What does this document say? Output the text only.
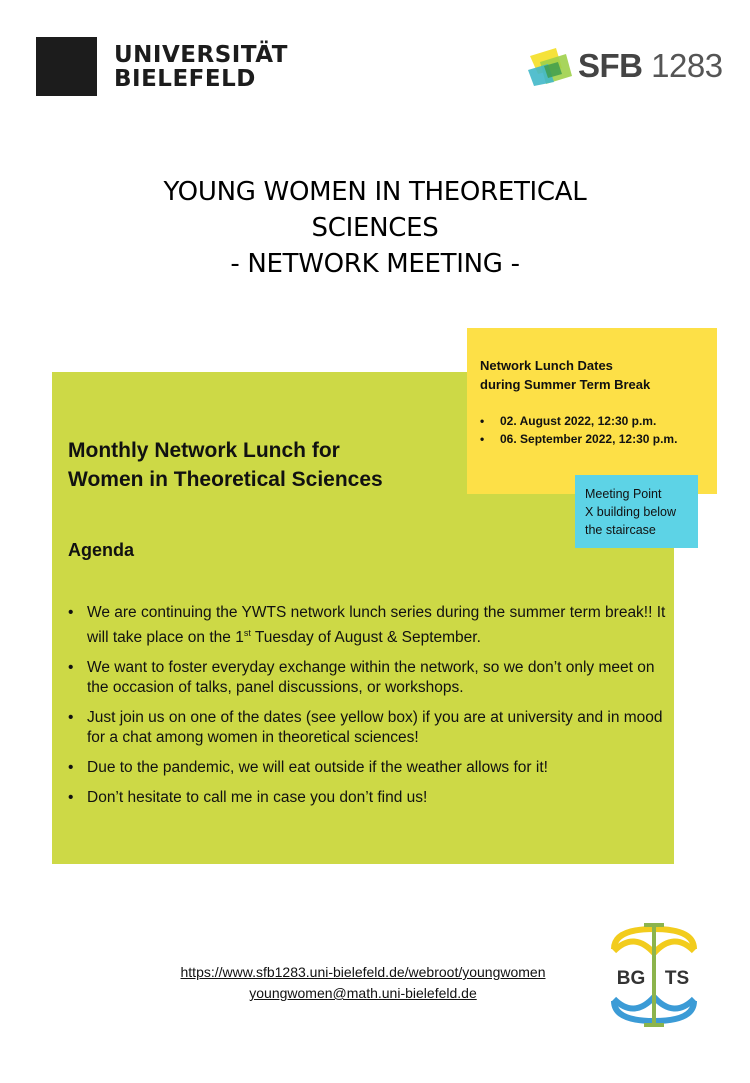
UNIVERSITÄT
BIELEFELD	SFB 1283
YOUNG WOMEN IN THEORETICAL
SCIENCES
- NETWORK MEETING -
Monthly Network Lunch for
Women in Theoretical Sciences
Agenda
• We are continuing the YWTS network lunch series during the summer term break!! It will take place on the 1st Tuesday of August & September.
• We want to foster everyday exchange within the network, so we don’t only meet on the occasion of talks, panel discussions, or workshops.
• Just join us on one of the dates (see yellow box) if you are at university and in mood for a chat among women in theoretical sciences!
• Due to the pandemic, we will eat outside if the weather allows for it!
• Don’t hesitate to call me in case you don’t find us!
Network Lunch Dates
during Summer Term Break
• 02. August 2022, 12:30 p.m.
• 06. September 2022, 12:30 p.m.
Meeting Point
X building below
the staircase
https://www.sfb1283.uni-bielefeld.de/webroot/youngwomen
youngwomen@math.uni-bielefeld.de
BG TS
